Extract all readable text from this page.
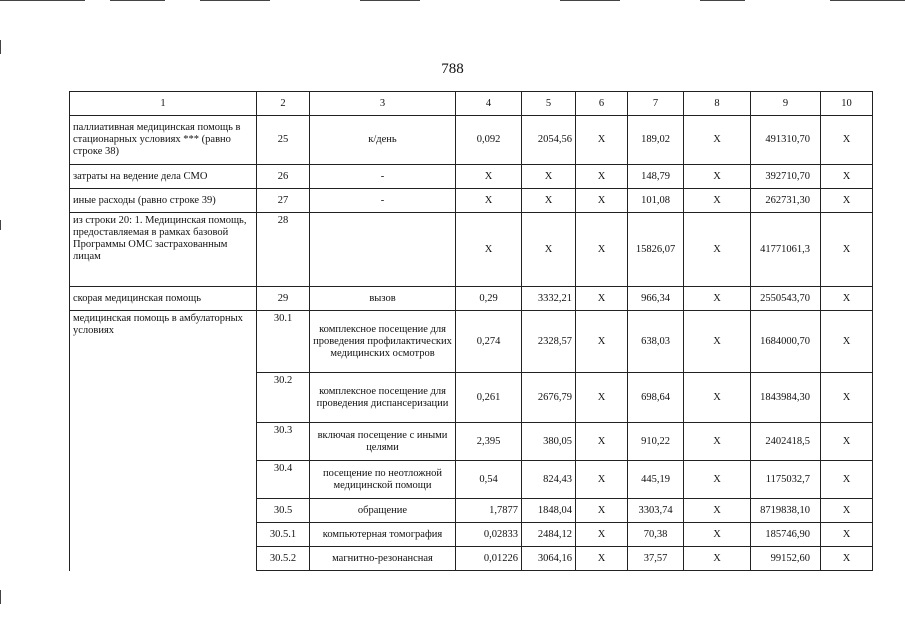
788
1	2	3	4	5	6	7	8	9	10
паллиативная медицинская помощь в стационарных условиях *** (равно строке 38)	25	к/день	0,092	2054,56	X	189,02	X	491310,70	X
затраты на ведение дела СМО	26	-	X	X	X	148,79	X	392710,70	X
иные расходы (равно строке 39)	27	-	X	X	X	101,08	X	262731,30	X
из строки 20: 1. Медицинская помощь, предоставляемая в рамках базовой Программы ОМС застрахованным лицам	28		X	X	X	15826,07	X	41771061,3	X
скорая медицинская помощь	29	вызов	0,29	3332,21	X	966,34	X	2550543,70	X
медицинская помощь в амбулаторных условиях	30.1	комплексное посещение для проведения профилактических медицинских осмотров	0,274	2328,57	X	638,03	X	1684000,70	X
	30.2	комплексное посещение для проведения диспансеризации	0,261	2676,79	X	698,64	X	1843984,30	X
	30.3	включая посещение с иными целями	2,395	380,05	X	910,22	X	2402418,5	X
	30.4	посещение по неотложной медицинской помощи	0,54	824,43	X	445,19	X	1175032,7	X
	30.5	обращение	1,7877	1848,04	X	3303,74	X	8719838,10	X
	30.5.1	компьютерная томография	0,02833	2484,12	X	70,38	X	185746,90	X
	30.5.2	магнитно-резонансная	0,01226	3064,16	X	37,57	X	99152,60	X
